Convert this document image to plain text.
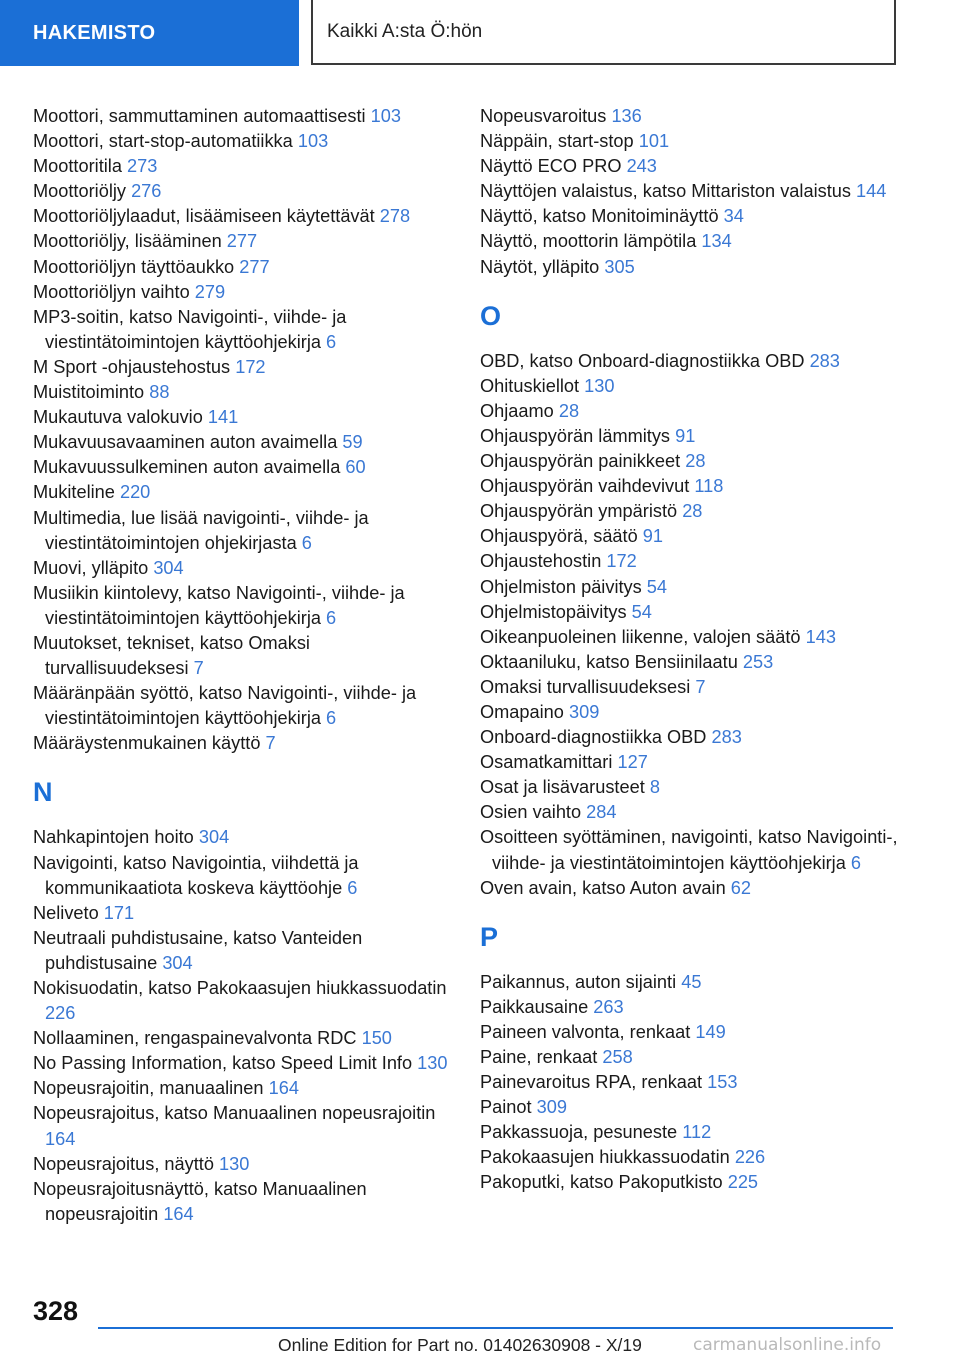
HAKEMISTO	Kaikki A:sta Ö:hön
Moottori, sammuttaminen automaattisesti 103
Moottori, start-stop-automatiikka 103
Moottoritila 273
Moottoriöljy 276
Moottoriöljylaadut, lisäämiseen käytettävät 278
Moottoriöljy, lisääminen 277
Moottoriöljyn täyttöaukko 277
Moottoriöljyn vaihto 279
MP3-soitin, katso Navigointi-, viihde- ja viestintätoimintojen käyttöohjekirja 6
M Sport -ohjaustehostus 172
Muistitoiminto 88
Mukautuva valokuvio 141
Mukavuusavaaminen auton avaimella 59
Mukavuussulkeminen auton avaimella 60
Mukiteline 220
Multimedia, lue lisää navigointi-, viihde- ja viestintätoimintojen ohjekirjasta 6
Muovi, ylläpito 304
Musiikin kiintolevy, katso Navigointi-, viihde- ja viestintätoimintojen käyttöohjekirja 6
Muutokset, tekniset, katso Omaksi turvallisuudeksesi 7
Määränpään syöttö, katso Navigointi-, viihde- ja viestintätoimintojen käyttöohjekirja 6
Määräystenmukainen käyttö 7
N
Nahkapintojen hoito 304
Navigointi, katso Navigointia, viihdettä ja kommunikaatiota koskeva käyttöohje 6
Neliveto 171
Neutraali puhdistusaine, katso Vanteiden puhdistusaine 304
Nokisuodatin, katso Pakokaasujen hiukkassuodatin 226
Nollaaminen, rengaspainevalvonta RDC 150
No Passing Information, katso Speed Limit Info 130
Nopeusrajoitin, manuaalinen 164
Nopeusrajoitus, katso Manuaalinen nopeusrajoitin 164
Nopeusrajoitus, näyttö 130
Nopeusrajoitusnäyttö, katso Manuaalinen nopeusrajoitin 164
Nopeusvaroitus 136
Näppäin, start-stop 101
Näyttö ECO PRO 243
Näyttöjen valaistus, katso Mittariston valaistus 144
Näyttö, katso Monitoiminäyttö 34
Näyttö, moottorin lämpötila 134
Näytöt, ylläpito 305
O
OBD, katso Onboard-diagnostiikka OBD 283
Ohituskiellot 130
Ohjaamo 28
Ohjauspyörän lämmitys 91
Ohjauspyörän painikkeet 28
Ohjauspyörän vaihdevivut 118
Ohjauspyörän ympäristö 28
Ohjauspyörä, säätö 91
Ohjaustehostin 172
Ohjelmiston päivitys 54
Ohjelmistopäivitys 54
Oikeanpuoleinen liikenne, valojen säätö 143
Oktaaniluku, katso Bensiinilaatu 253
Omaksi turvallisuudeksesi 7
Omapaino 309
Onboard-diagnostiikka OBD 283
Osamatkamittari 127
Osat ja lisävarusteet 8
Osien vaihto 284
Osoitteen syöttäminen, navigointi, katso Navigointi-, viihde- ja viestintätoimintojen käyttöohjekirja 6
Oven avain, katso Auton avain 62
P
Paikannus, auton sijainti 45
Paikkausaine 263
Paineen valvonta, renkaat 149
Paine, renkaat 258
Painevaroitus RPA, renkaat 153
Painot 309
Pakkassuoja, pesuneste 112
Pakokaasujen hiukkassuodatin 226
Pakoputki, katso Pakoputkisto 225
328
Online Edition for Part no. 01402630908 - X/19	carmanualsonline.info
